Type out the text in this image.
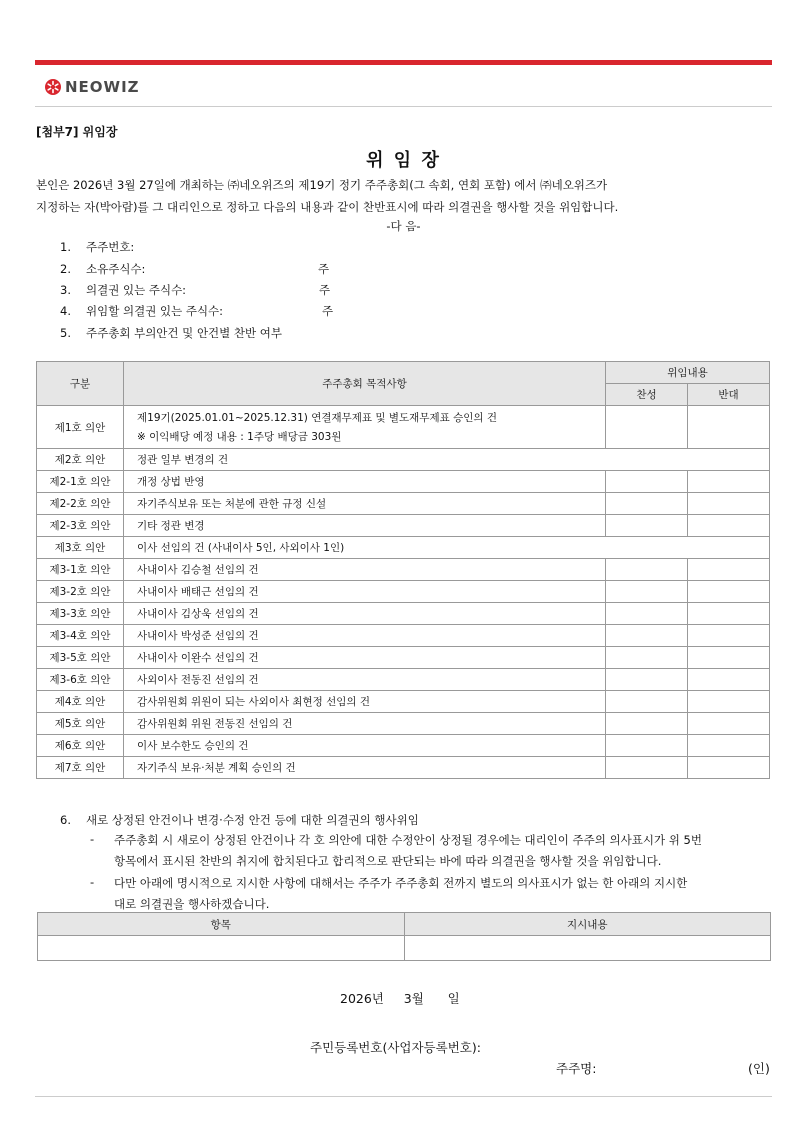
NEOWIZ
[첨부7] 위임장
위 임 장
본인은 2026년 3월 27일에 개최하는 ㈜네오위즈의 제19기 정기 주주총회(그 속회, 연회 포함) 에서 ㈜네오위즈가
지정하는 자(박아람)를 그 대리인으로 정하고 다음의 내용과 같이 찬반표시에 따라 의결권을 행사할 것을 위임합니다.
-다 음-
1. 주주번호:
2. 소유주식수:	주
3. 의결권 있는 주식수:	주
4. 위임할 의결권 있는 주식수:	주
5. 주주총회 부의안건 및 안건별 찬반 여부
구분	주주총회 목적사항	위임내용	
		찬성	반대
제1호 의안	제19기(2025.01.01~2025.12.31) 연결재무제표 및 별도재무제표 승인의 건
※ 이익배당 예정 내용 : 1주당 배당금 303원		

제2호 의안	정관 일부 변경의 건		

제2-1호 의안	개정 상법 반영		

제2-2호 의안	자기주식보유 또는 처분에 관한 규정 신설		

제2-3호 의안	기타 정관 변경		

제3호 의안	이사 선임의 건 (사내이사 5인, 사외이사 1인)		

제3-1호 의안	사내이사 김승철 선임의 건		

제3-2호 의안	사내이사 배태근 선임의 건		

제3-3호 의안	사내이사 김상욱 선임의 건		

제3-4호 의안	사내이사 박성준 선임의 건		

제3-5호 의안	사내이사 이완수 선임의 건		

제3-6호 의안	사외이사 전동진 선임의 건		

제4호 의안	감사위원회 위원이 되는 사외이사 최현정 선임의 건		

제5호 의안	감사위원회 위원 전동진 선임의 건		

제6호 의안	이사 보수한도 승인의 건		

제7호 의안	자기주식 보유·처분 계획 승인의 건		

6. 새로 상정된 안건이나 변경·수정 안건 등에 대한 의결권의 행사위임
- 주주총회 시 새로이 상정된 안건이나 각 호 의안에 대한 수정안이 상정될 경우에는 대리인이 주주의 의사표시가 위 5번
항목에서 표시된 찬반의 취지에 합치된다고 합리적으로 판단되는 바에 따라 의결권을 행사할 것을 위임합니다.
- 다만 아래에 명시적으로 지시한 사항에 대해서는 주주가 주주총회 전까지 별도의 의사표시가 없는 한 아래의 지시한
대로 의결권을 행사하겠습니다.
항목	지시내용

2026년 3월 일
주민등록번호(사업자등록번호):
주주명:	(인)
